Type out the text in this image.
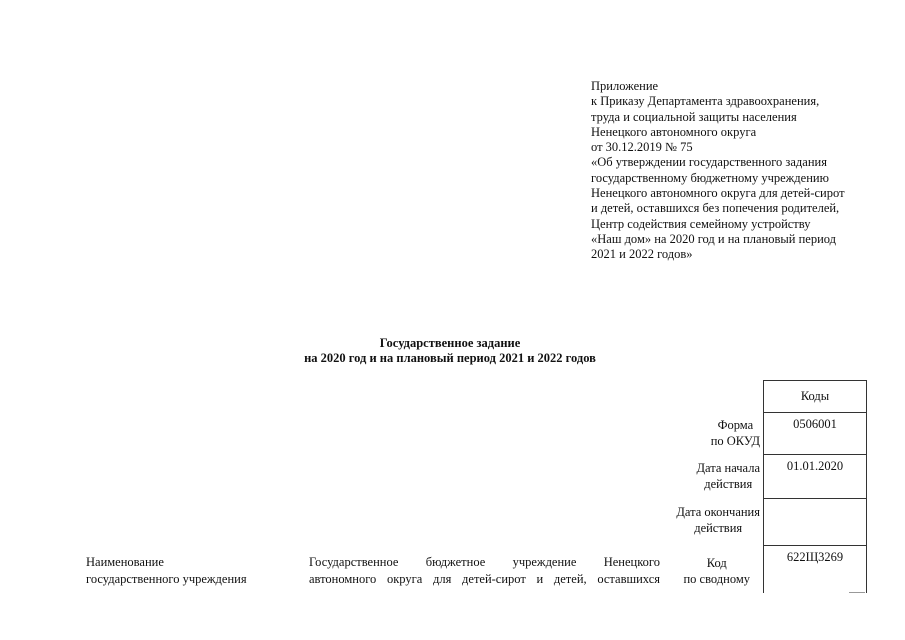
Приложение
к Приказу Департамента здравоохранения,
труда и социальной защиты населения
Ненецкого автономного округа
от 30.12.2019 № 75
«Об утверждении государственного задания
государственному бюджетному учреждению
Ненецкого автономного округа для детей-сирот
и детей, оставшихся без попечения родителей,
Центр содействия семейному устройству
«Наш дом» на 2020 год и на плановый период
2021 и 2022 годов»
Государственное задание
на 2020 год и на плановый период 2021 и 2022 годов
Коды
0506001
01.01.2020
622Щ3269
Форма
по ОКУД
Дата начала
действия
Дата окончания
действия
Код
по сводному
Наименование
государственного учреждения
Государственное бюджетное учреждение Ненецкого
автономного округа для детей-сирот и детей, оставшихся
